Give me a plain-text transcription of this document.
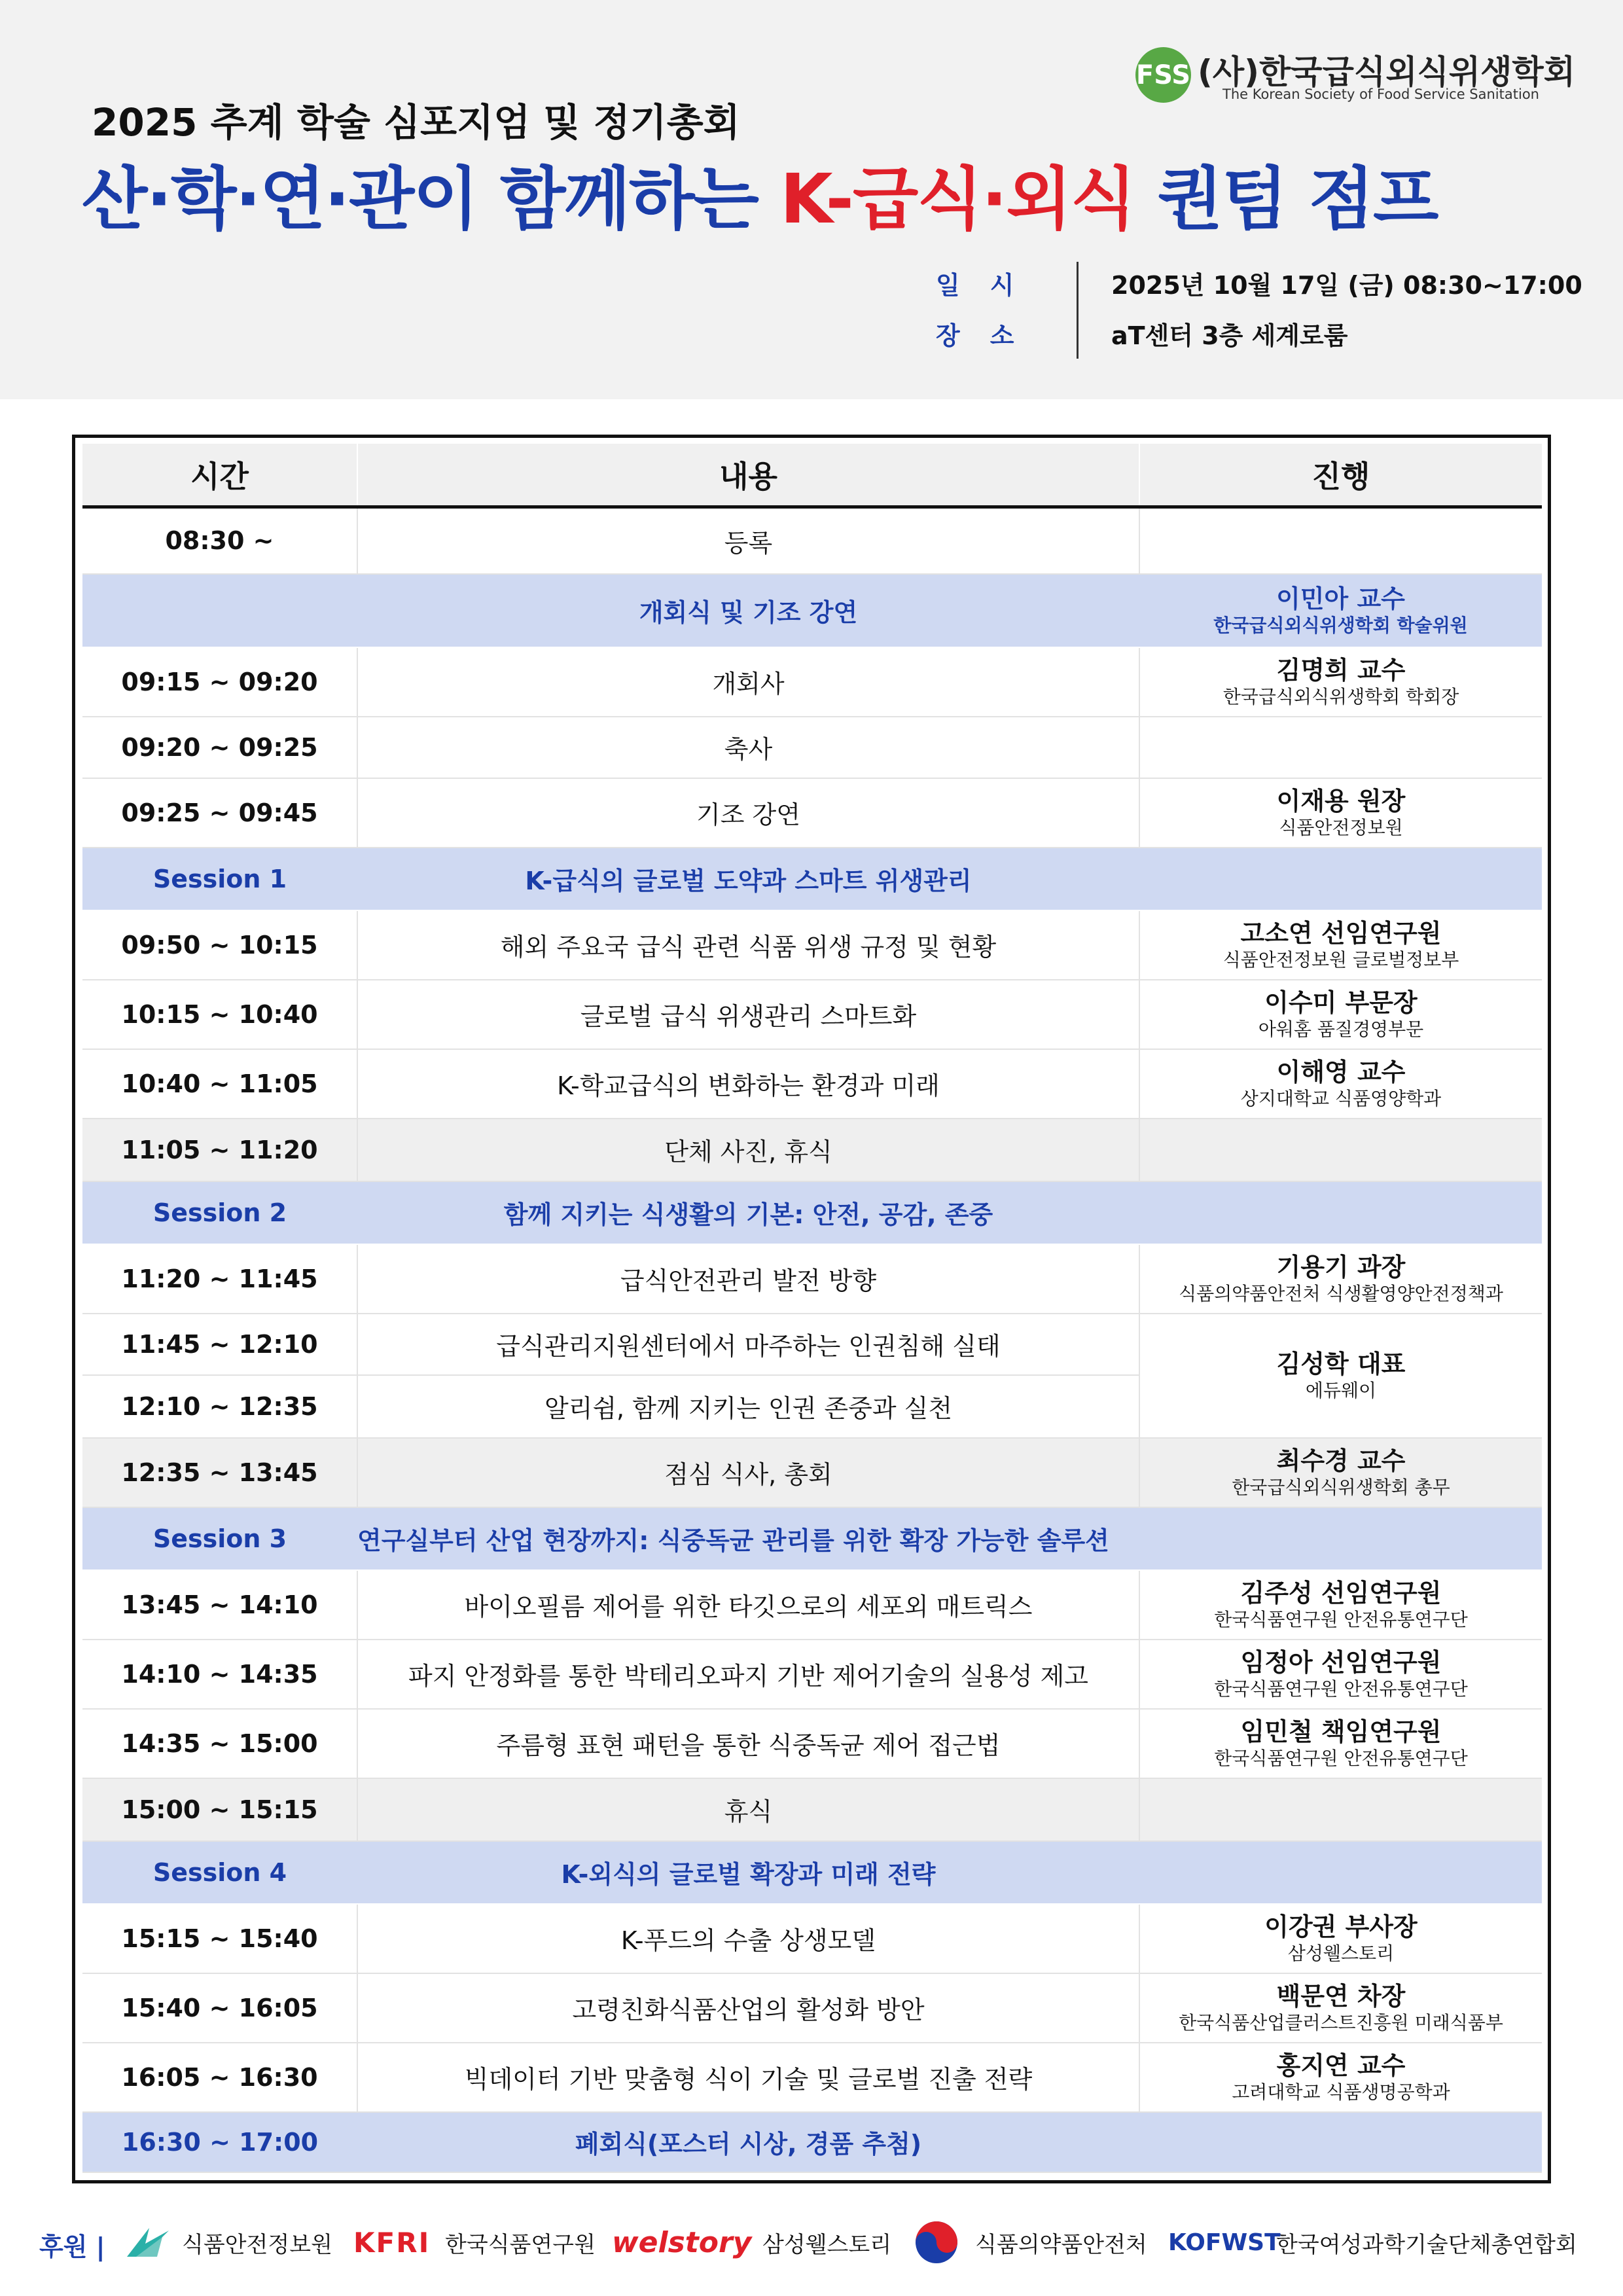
FSS (사)한국급식외식위생학회
The Korean Society of Food Service Sanitation
2025 추계 학술 심포지엄 및 정기총회
산·학·연·관이 함께하는 K-급식·외식 퀀텀 점프
일시	2025년 10월 17일 (금) 08:30~17:00
장소	aT센터 3층 세계로룸
시간	내용	진행
08:30 ~	등록	
	개회식 및 기조 강연	이민아 교수
한국급식외식위생학회 학술위원

09:15 ~ 09:20	개회사	김명희 교수
한국급식외식위생학회 학회장

09:20 ~ 09:25	축사	
09:25 ~ 09:45	기조 강연	이재용 원장
식품안전정보원

Session 1	K-급식의 글로벌 도약과 스마트 위생관리	
09:50 ~ 10:15	해외 주요국 급식 관련 식품 위생 규정 및 현황	고소연 선임연구원
식품안전정보원 글로벌정보부

10:15 ~ 10:40	글로벌 급식 위생관리 스마트화	이수미 부문장
아워홈 품질경영부문

10:40 ~ 11:05	K-학교급식의 변화하는 환경과 미래	이해영 교수
상지대학교 식품영양학과

11:05 ~ 11:20	단체 사진, 휴식	
Session 2	함께 지키는 식생활의 기본: 안전, 공감, 존중	
11:20 ~ 11:45	급식안전관리 발전 방향	기용기 과장
식품의약품안전처 식생활영양안전정책과

11:45 ~ 12:10	급식관리지원센터에서 마주하는 인권침해 실태	김성학 대표
에듀웨이

12:10 ~ 12:35	알리쉼, 함께 지키는 인권 존중과 실천	
12:35 ~ 13:45	점심 식사, 총회	최수경 교수
한국급식외식위생학회 총무

Session 3	연구실부터 산업 현장까지: 식중독균 관리를 위한 확장 가능한 솔루션	
13:45 ~ 14:10	바이오필름 제어를 위한 타깃으로의 세포외 매트릭스	김주성 선임연구원
한국식품연구원 안전유통연구단

14:10 ~ 14:35	파지 안정화를 통한 박테리오파지 기반 제어기술의 실용성 제고	임정아 선임연구원
한국식품연구원 안전유통연구단

14:35 ~ 15:00	주름형 표현 패턴을 통한 식중독균 제어 접근법	임민철 책임연구원
한국식품연구원 안전유통연구단

15:00 ~ 15:15	휴식	
Session 4	K-외식의 글로벌 확장과 미래 전략	
15:15 ~ 15:40	K-푸드의 수출 상생모델	이강권 부사장
삼성웰스토리

15:40 ~ 16:05	고령친화식품산업의 활성화 방안	백문연 차장
한국식품산업클러스트진흥원 미래식품부

16:05 ~ 16:30	빅데이터 기반 맞춤형 식이 기술 및 글로벌 진출 전략	홍지연 교수
고려대학교 식품생명공학과

16:30 ~ 17:00	폐회식(포스터 시상, 경품 추첨)	
후원 |	식품안전정보원 KFRI 한국식품연구원 welstory 삼성웰스토리	식품의약품안전처 KOFWST
한국여성과학기술단체총연합회
